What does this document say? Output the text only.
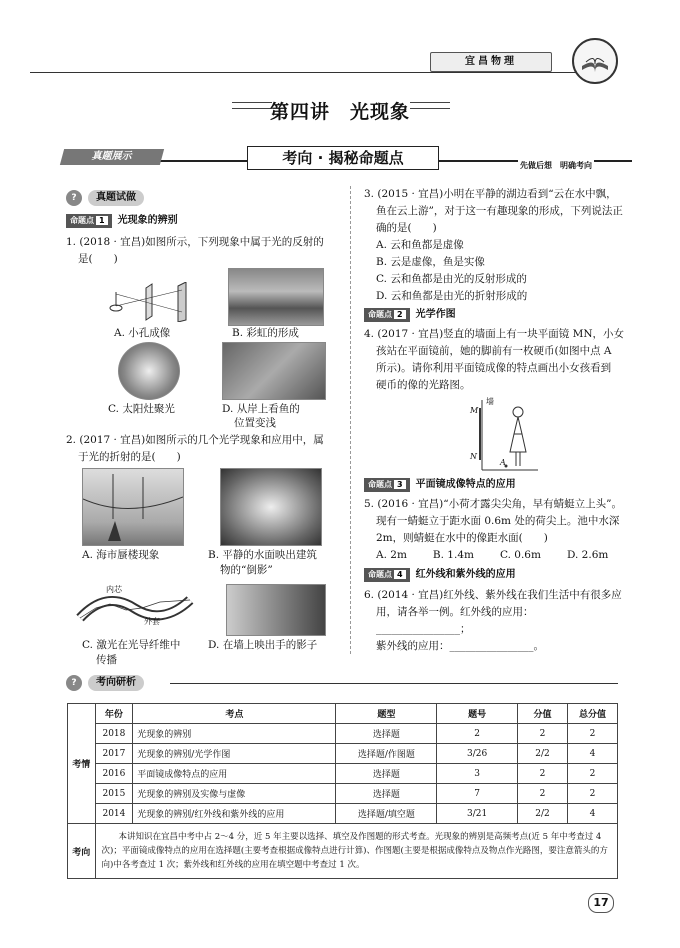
宜昌物理
第四讲　光现象
真题展示	考向 · 揭秘命题点	先做后想　明确考向
?	真题试做
命题点 1 光现象的辨别
1. (2018 · 宜昌)如图所示，下列现象中属于光的反射的
是(　　)
A. 小孔成像	B. 彩虹的形成
C. 太阳灶聚光	D. 从岸上看鱼的
位置变浅
2. (2017 · 宜昌)如图所示的几个光学现象和应用中，属
于光的折射的是(　　)
A. 海市蜃楼现象	B. 平静的水面映出建筑
物的“倒影”
内芯
外套
C. 激光在光导纤维中
传播
D. 在墙上映出手的影子
3. (2015 · 宜昌)小明在平静的湖边看到“云在水中飘，
鱼在云上游”，对于这一有趣现象的形成，下列说法正
确的是(　　)
A. 云和鱼都是虚像
B. 云是虚像，鱼是实像
C. 云和鱼都是由光的反射形成的
D. 云和鱼都是由光的折射形成的
命题点 2 光学作图
4. (2017 · 宜昌)竖直的墙面上有一块平面镜 MN，小女
孩站在平面镜前，她的脚前有一枚硬币(如图中点 A
所示)。请你利用平面镜成像的特点画出小女孩看到
硬币的像的光路图。
墙
M
N
A
命题点 3 平面镜成像特点的应用
5. (2016 · 宜昌)“小荷才露尖尖角，早有蜻蜓立上头”。
现有一蜻蜓立于距水面 0.6m 处的荷尖上。池中水深
2m，则蜻蜓在水中的像距水面(　　)
A. 2m B. 1.4m C. 0.6m D. 2.6m
命题点 4 红外线和紫外线的应用
6. (2014 · 宜昌)红外线、紫外线在我们生活中有很多应
用，请各举一例。红外线的应用：________________；
紫外线的应用：________________。
?	考向研析
考情	年份	考点	题型	题号	分值	总分值
	2018	光现象的辨别	选择题	2	2	2
	2017	光现象的辨别/光学作图	选择题/作图题	3/26	2/2	4
	2016	平面镜成像特点的应用	选择题	3	2	2
	2015	光现象的辨别及实像与虚像	选择题	7	2	2
	2014	光现象的辨别/红外线和紫外线的应用	选择题/填空题	3/21	2/2	4
考向	本讲知识在宜昌中考中占 2～4 分，近 5 年主要以选择、填空及作图题的形式考查。光现象的辨别是高频考点(近 5 年中考查过 4 次)；平面镜成像特点的应用在选择题(主要考查根据成像特点进行计算)、作图题(主要是根据成像特点及物点作光路图，要注意箭头的方向)中各考查过 1 次；紫外线和红外线的应用在填空题中考查过 1 次。					
17
